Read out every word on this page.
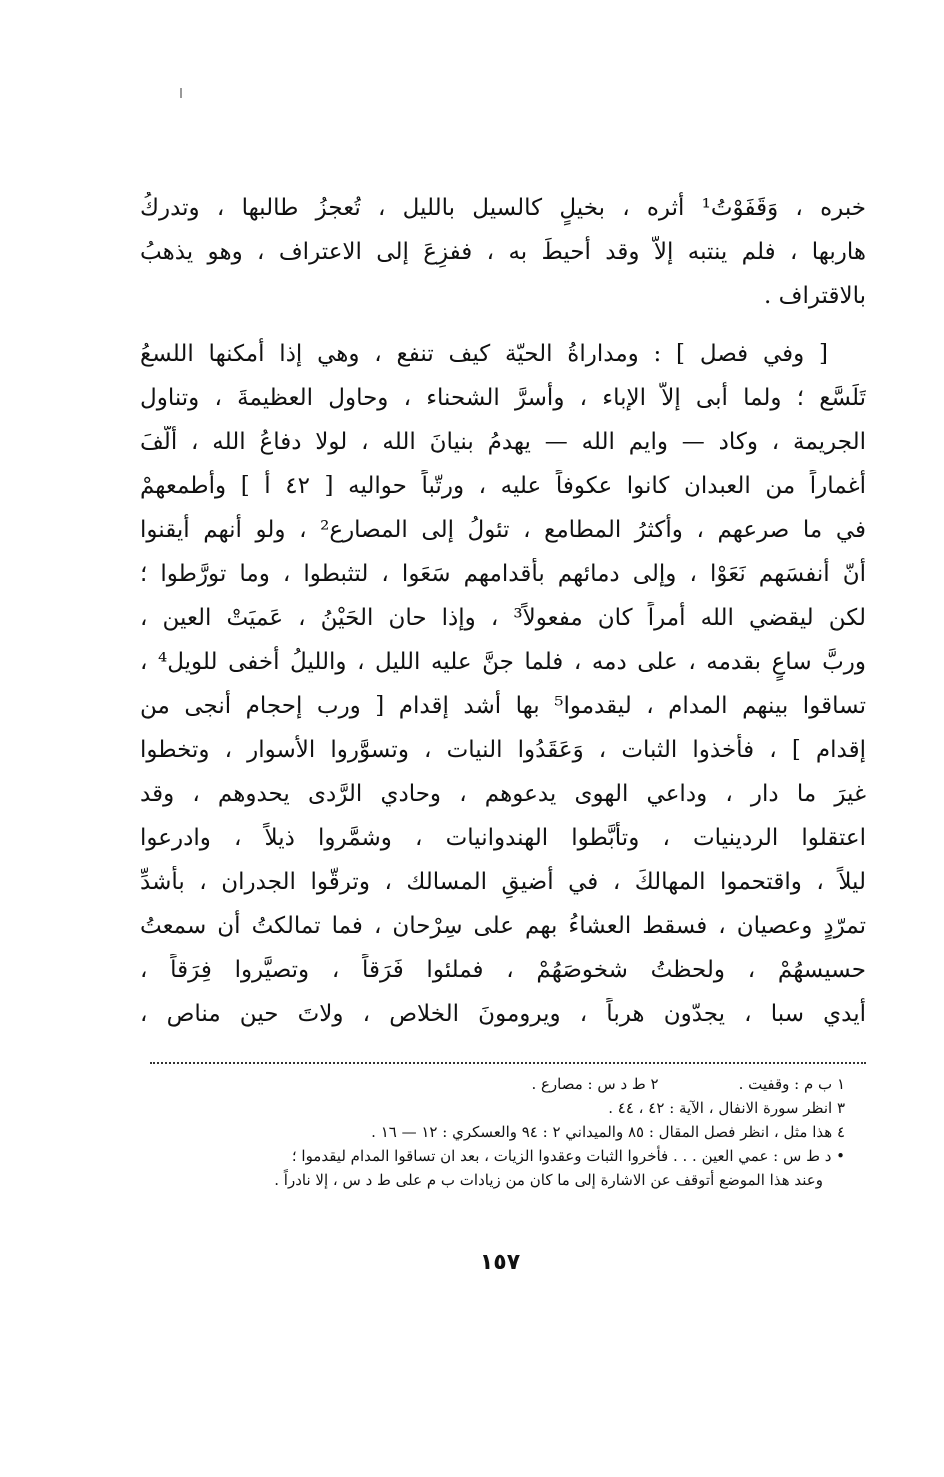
خبره ، وَقَفَوْتُ¹ أثره ، بخيلٍ كالسيل بالليل ، تُعجزُ طالبها ، وتدركُ
هاربها ، فلم ينتبه إلاّ وقد أُحيطَ به ، ففزِعَ إلى الاعتراف ، وهو يذهبُ
بالاقتراف .
[ وفي فصل ] : ومداراةُ الحيّة كيف تنفع ، وهي إذا أمكنها اللسعُ
تَلَسَّع ؛ ولما أبى إلاّ الإباء ، وأسرَّ الشحناء ، وحاول العظيمةَ ، وتناول
الجريمة ، وكاد — وايم الله — يهدمُ بنيانَ الله ، لولا دفاعُ الله ، ألّفَ
أغماراً من العبدان كانوا عكوفاً عليه ، ورتّباً حواليه [ ٤٢ أ ] وأطمعهمْ
في ما صرعهم ، وأكثرُ المطامع ، تئولُ إلى المصارع² ، ولو أنهم أيقنوا
أنّ أنفسَهم نَعَوْا ، وإلى دمائهم بأقدامهم سَعَوا ، لتثبطوا ، وما تورَّطوا ؛
لكن ليقضي الله أمراً كان مفعولاً³ ، وإذا حان الحَيْنُ ، عَميَتْ العين ،
وربَّ ساعٍ بقدمه ، على دمه ، فلما جنَّ عليه الليل ، والليلُ أخفى للويل⁴ ،
تساقوا بينهم المدام ، ليقدموا⁵ بها أشد إقدام [ ورب إحجام أنجى من
إقدام ] ، فأخذوا الثبات ، وَعَقَدُوا النيات ، وتسوَّروا الأسوار ، وتخطوا
غيرَ ما دار ، وداعي الهوى يدعوهم ، وحادي الرَّدى يحدوهم ، وقد
اعتقلوا الردينيات ، وتأبَّطوا الهندوانيات ، وشمَّروا ذيلاً ، وادرعوا
ليلاً ، واقتحموا المهالكَ ، في أضيقِ المسالك ، وترقّوا الجدران ، بأشدِّ
تمرّدٍ وعصيان ، فسقط العشاءُ بهم على سِرْحان ، فما تمالكتُ أن سمعتُ
حسيسهُمْ ، ولحظتُ شخوصَهُمْ ، فملئوا فَرَقاً ، وتصيَّروا فِرَقاً ،
أيدي سبا ، يجدّون هرباً ، ويرومونَ الخلاص ، ولاتَ حين مناص ،
١ ب م : وقفيت .
٢ ط د س : مصارع .
٣ انظر سورة الانفال ، الآية : ٤٢ ، ٤٤ .
٤ هذا مثل ، انظر فصل المقال : ٨٥ والميداني ٢ : ٩٤ والعسكري : ١٢ — ١٦ .
• د ط س : عمي العين . . . فأخروا الثبات وعقدوا الزيات ، بعد ان تساقوا المدام ليقدموا ؛
وعند هذا الموضع أتوقف عن الاشارة إلى ما كان من زيادات ب م على ط د س ، إلا نادراً .
١٥٧
